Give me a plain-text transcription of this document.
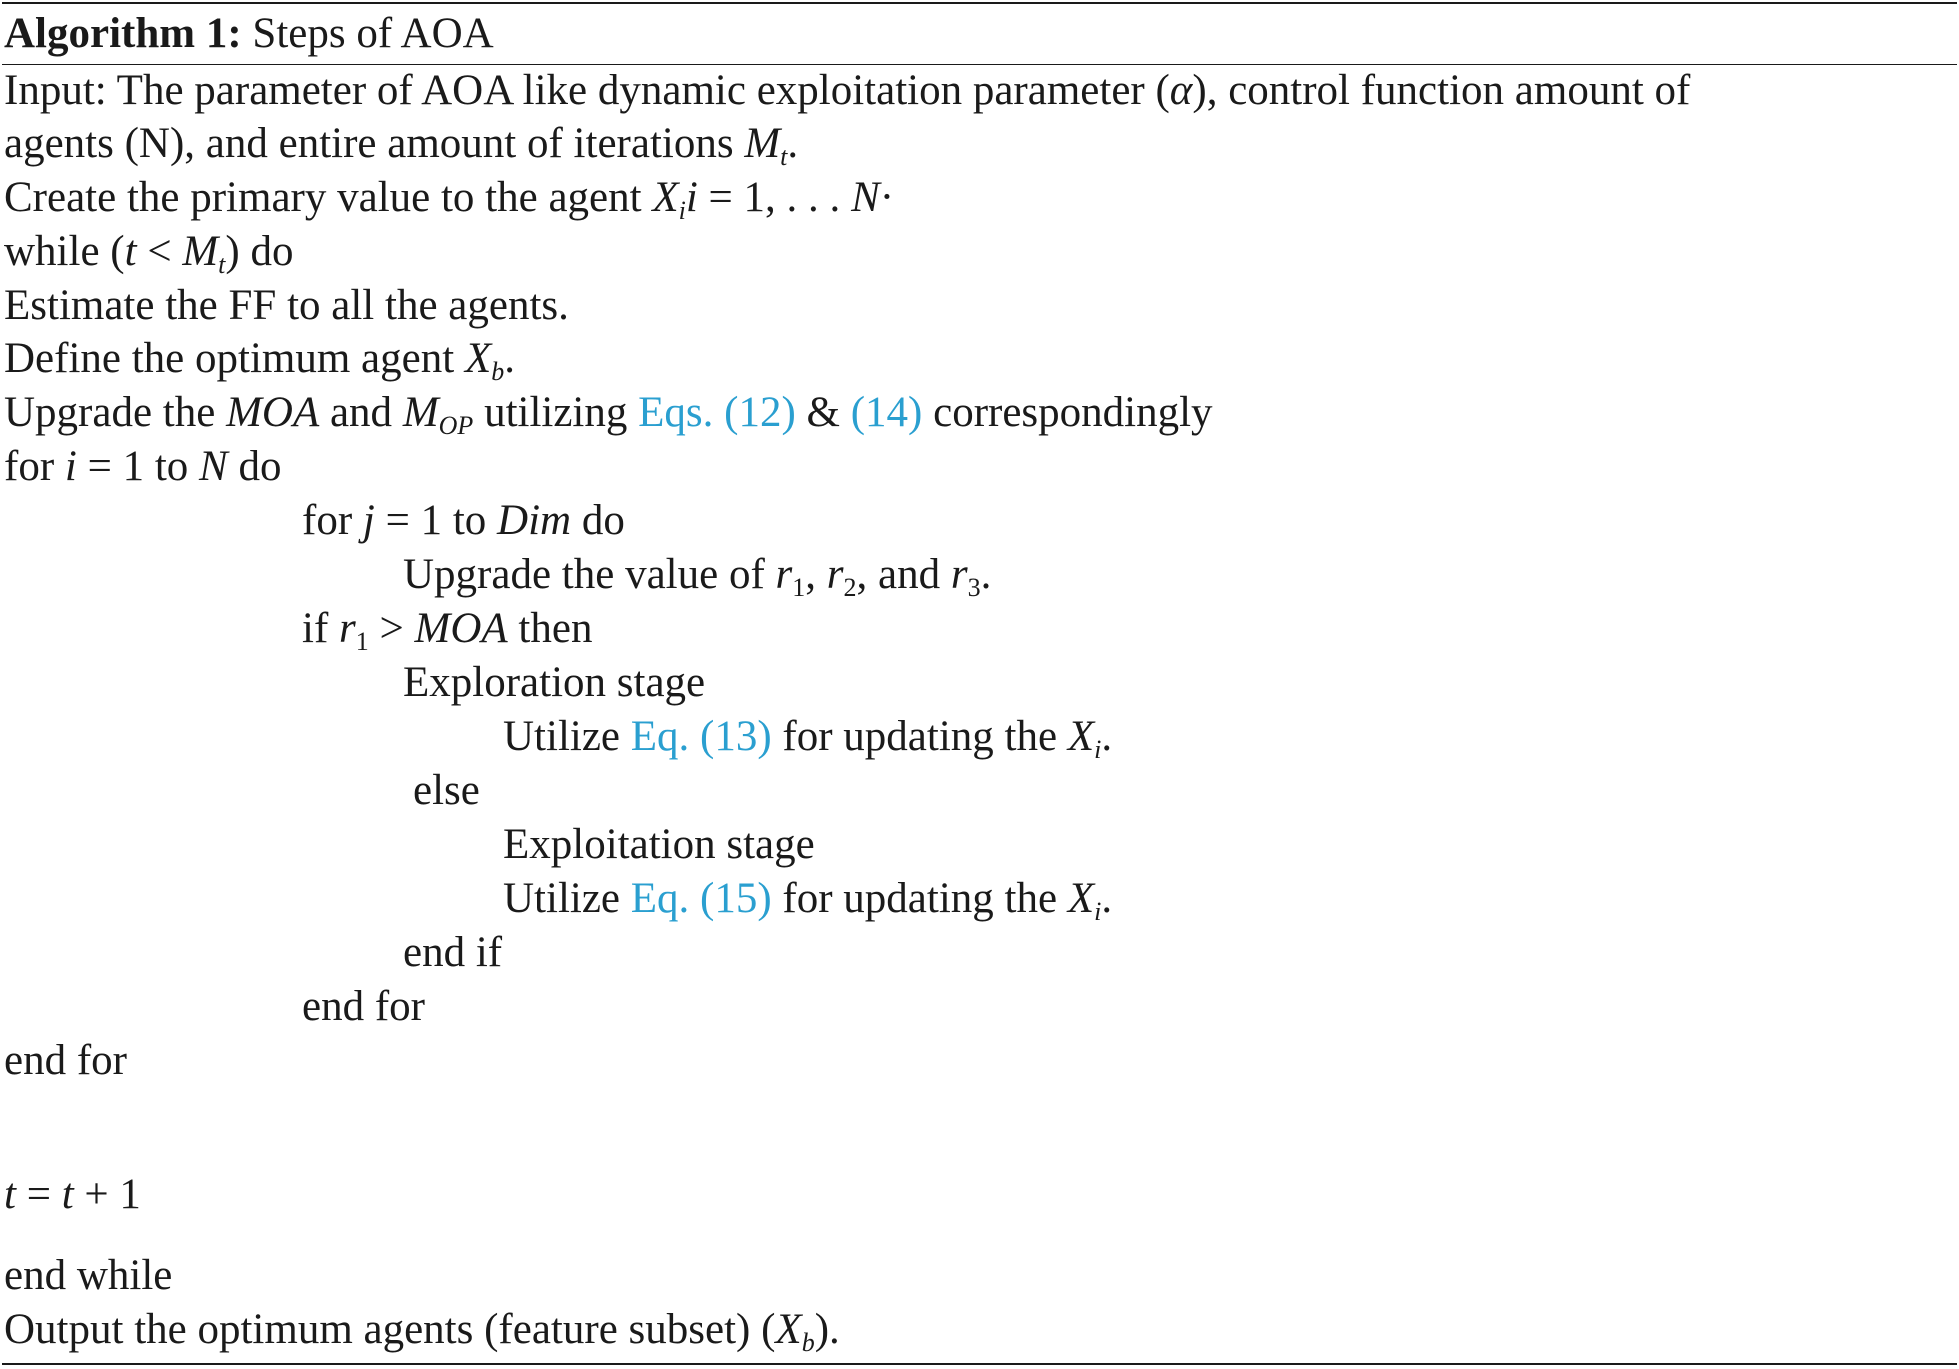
Algorithm 1: Steps of AOA
Input: The parameter of AOA like dynamic exploitation parameter (α), control function amount of
agents (N), and entire amount of iterations $M_t$.
Create the primary value to the agent $X_ii = 1$, . . . N·
while $(t < M_t)$ do
Estimate the FF to all the agents.
Define the optimum agent $X_b$.
Upgrade the MOA and $M_{OP}$ utilizing Eqs. (12) & (14) correspondingly
for i = 1 to N do
for j = 1 to Dim do
Upgrade the value of r1, r2, and r3.
if r1 > MOA then
Exploration stage
Utilize Eq. (13) for updating the $X_i$.
else
Exploitation stage
Utilize Eq. (15) for updating the $X_i$.
end if
end for
end for
t = t + 1
end while
Output the optimum agents (feature subset) $(X_b)$.
